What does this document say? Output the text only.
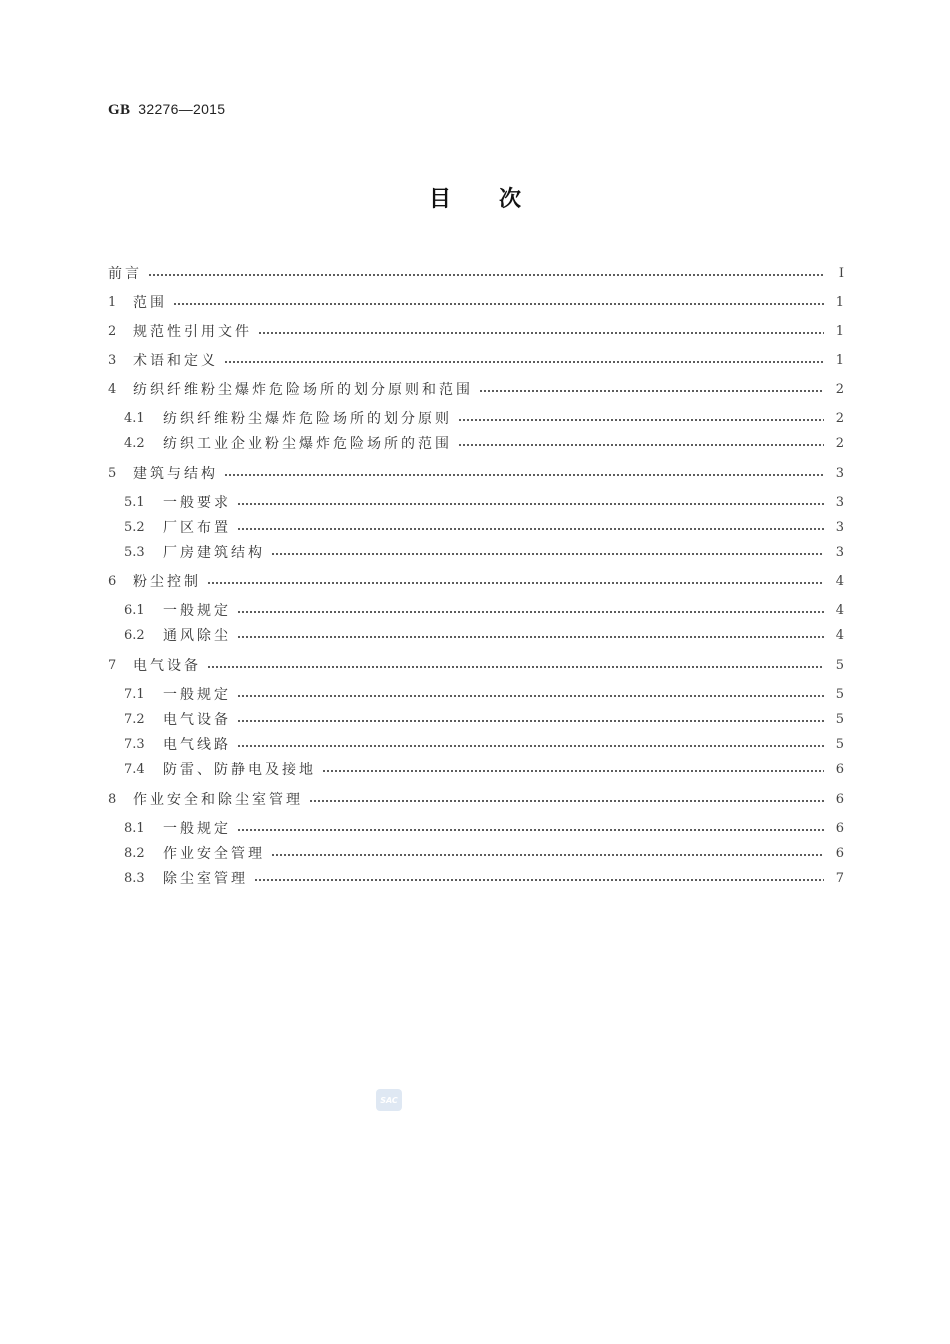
GB 32276—2015
目 次
前言	Ⅰ
1	范围	1
2	规范性引用文件	1
3	术语和定义	1
4	纺织纤维粉尘爆炸危险场所的划分原则和范围	2
4.1	纺织纤维粉尘爆炸危险场所的划分原则	2
4.2	纺织工业企业粉尘爆炸危险场所的范围	2
5	建筑与结构	3
5.1	一般要求	3
5.2	厂区布置	3
5.3	厂房建筑结构	3
6	粉尘控制	4
6.1	一般规定	4
6.2	通风除尘	4
7	电气设备	5
7.1	一般规定	5
7.2	电气设备	5
7.3	电气线路	5
7.4	防雷、防静电及接地	6
8	作业安全和除尘室管理	6
8.1	一般规定	6
8.2	作业安全管理	6
8.3	除尘室管理	7
SAC
